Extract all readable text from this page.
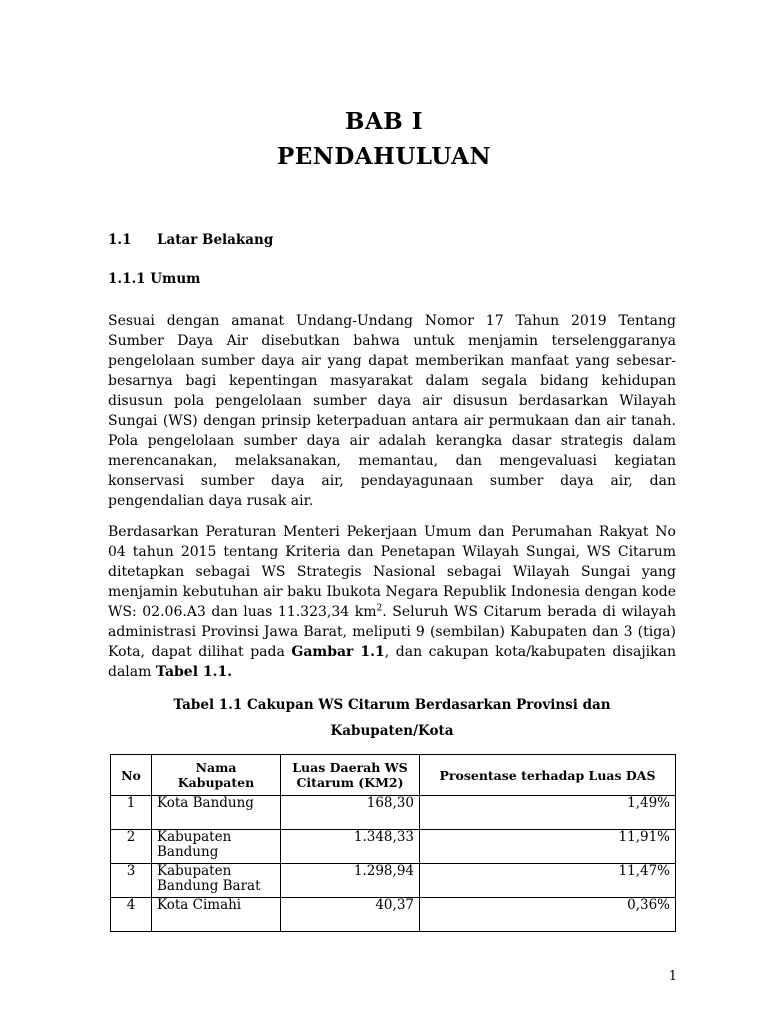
BAB I
PENDAHULUAN
1.1 Latar Belakang
1.1.1 Umum

Sesuai dengan amanat Undang-Undang Nomor 17 Tahun 2019 Tentang Sumber Daya Air disebutkan bahwa untuk menjamin terselenggaranya pengelolaan sumber daya air yang dapat memberikan manfaat yang sebesar-besarnya bagi kepentingan masyarakat dalam segala bidang kehidupan disusun pola pengelolaan sumber daya air disusun berdasarkan Wilayah Sungai (WS) dengan prinsip keterpaduan antara air permukaan dan air tanah. Pola pengelolaan sumber daya air adalah kerangka dasar strategis dalam merencanakan, melaksanakan, memantau, dan mengevaluasi kegiatan konservasi sumber daya air, pendayagunaan sumber daya air, dan pengendalian daya rusak air.

Berdasarkan Peraturan Menteri Pekerjaan Umum dan Perumahan Rakyat No 04 tahun 2015 tentang Kriteria dan Penetapan Wilayah Sungai, WS Citarum ditetapkan sebagai WS Strategis Nasional sebagai Wilayah Sungai yang menjamin kebutuhan air baku Ibukota Negara Republik Indonesia dengan kode WS: 02.06.A3 dan luas 11.323,34 $km^2$. Seluruh WS Citarum berada di wilayah administrasi Provinsi Jawa Barat, meliputi 9 (sembilan) Kabupaten dan 3 (tiga) Kota, dapat dilihat pada Gambar 1.1, dan cakupan kota/kabupaten disajikan dalam Tabel 1.1.

Tabel 1.1 Cakupan WS Citarum Berdasarkan Provinsi dan
Kabupaten/Kota
No	Nama Kabupaten	Luas Daerah WS Citarum (KM2)	Prosentase terhadap Luas DAS
1	Kota Bandung	168,30	1,49%
2	Kabupaten Bandung	1.348,33	11,91%
3	Kabupaten Bandung Barat	1.298,94	11,47%
4	Kota Cimahi	40,37	0,36%
1
